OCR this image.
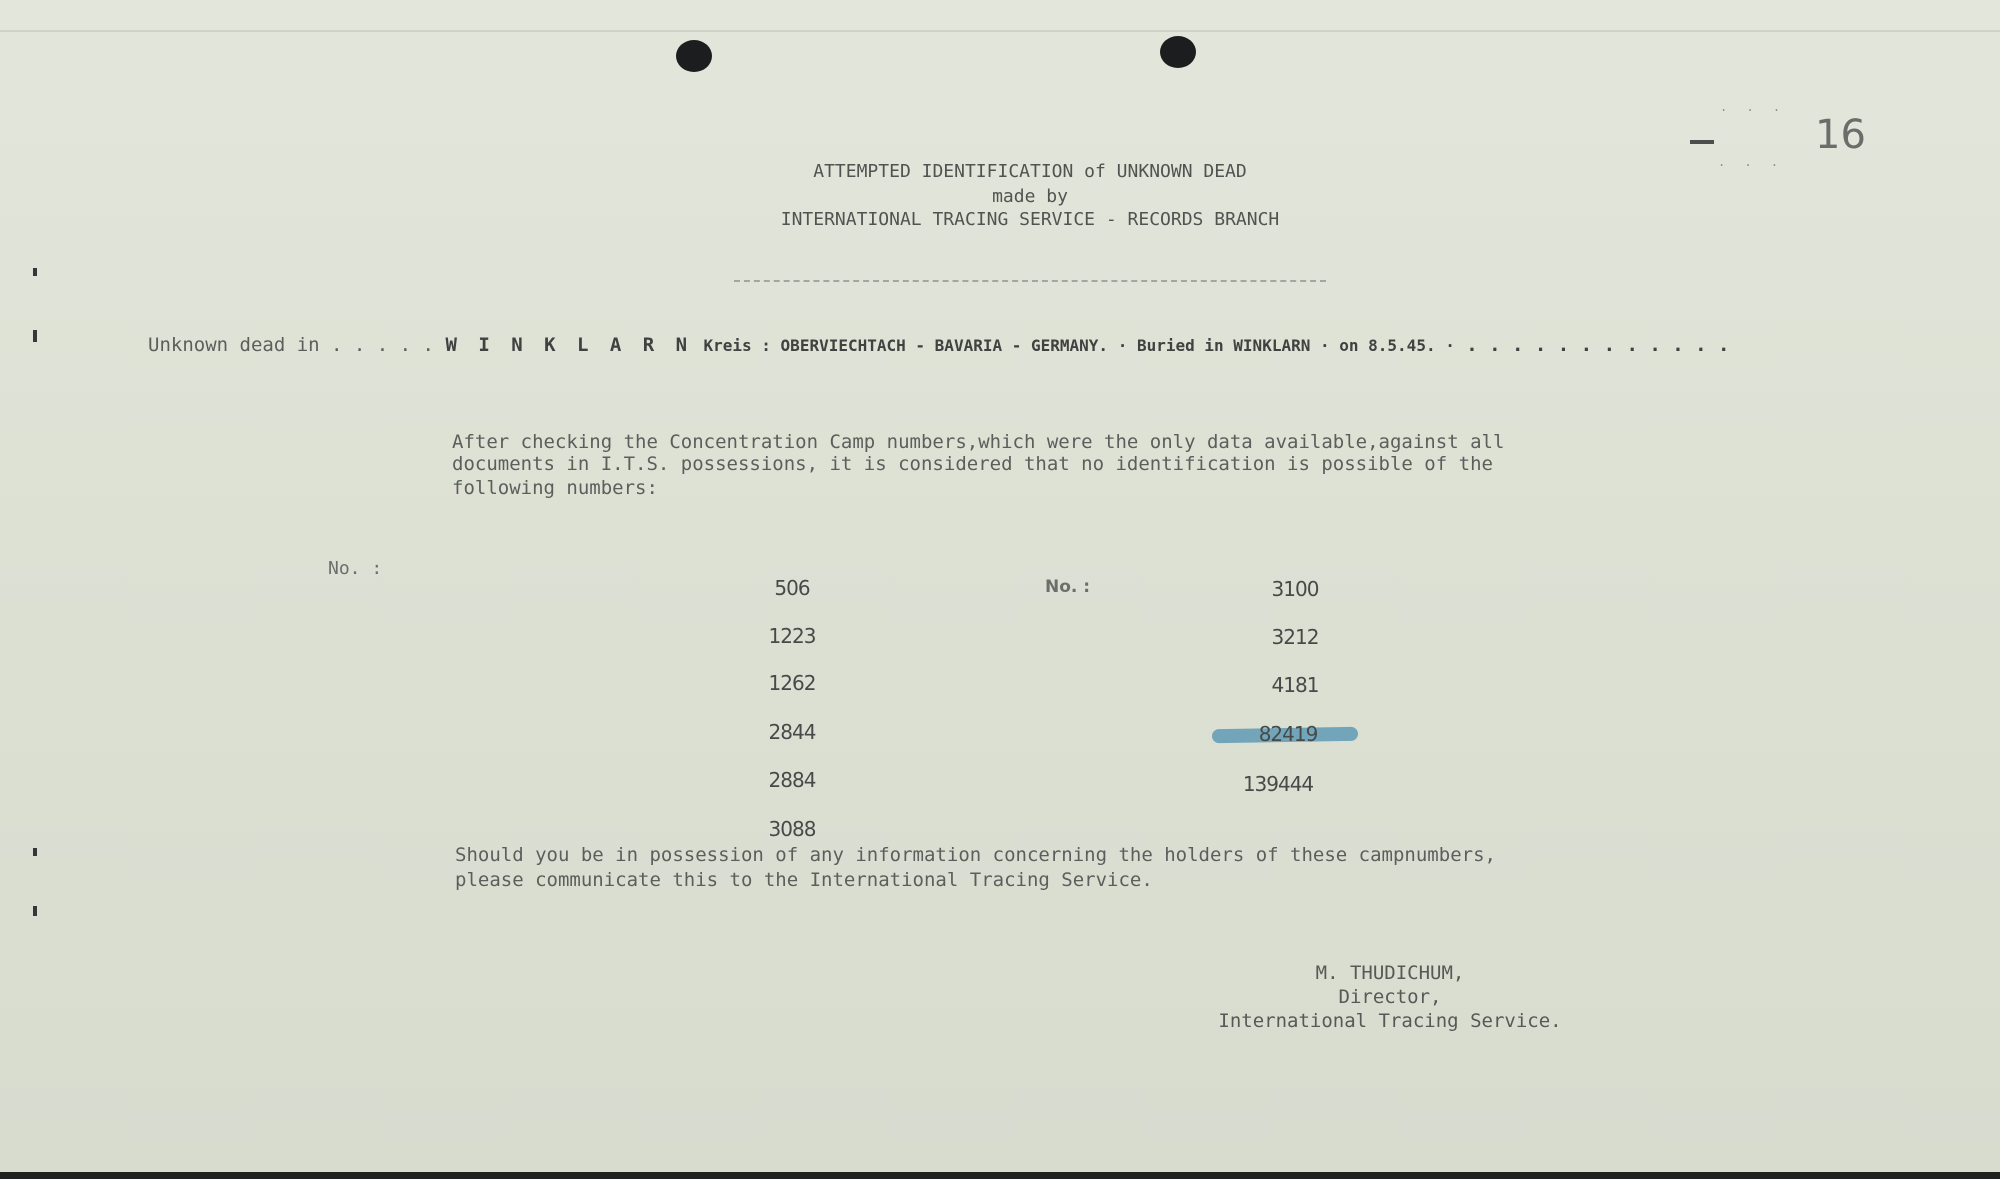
. . .
. . .
16
ATTEMPTED IDENTIFICATION of UNKNOWN DEAD
made by
INTERNATIONAL TRACING SERVICE - RECORDS BRANCH
Unknown dead in . . . . . W I N K L A R N Kreis : OBERVIECHTACH - BAVARIA - GERMANY. · Buried in WINKLARN · on 8.5.45. · . . . . . . . . . . . .
After checking the Concentration Camp numbers,which were the only data available,against all
documents in I.T.S. possessions, it is considered that no identification is possible of the
following numbers:
No. :
No. :
506
1223
1262
2844
2884
3088
3100
3212
4181
82419
139444
Should you be in possession of any information concerning the holders of these campnumbers,
please communicate this to the International Tracing Service.
M. THUDICHUM,
Director,
International Tracing Service.
